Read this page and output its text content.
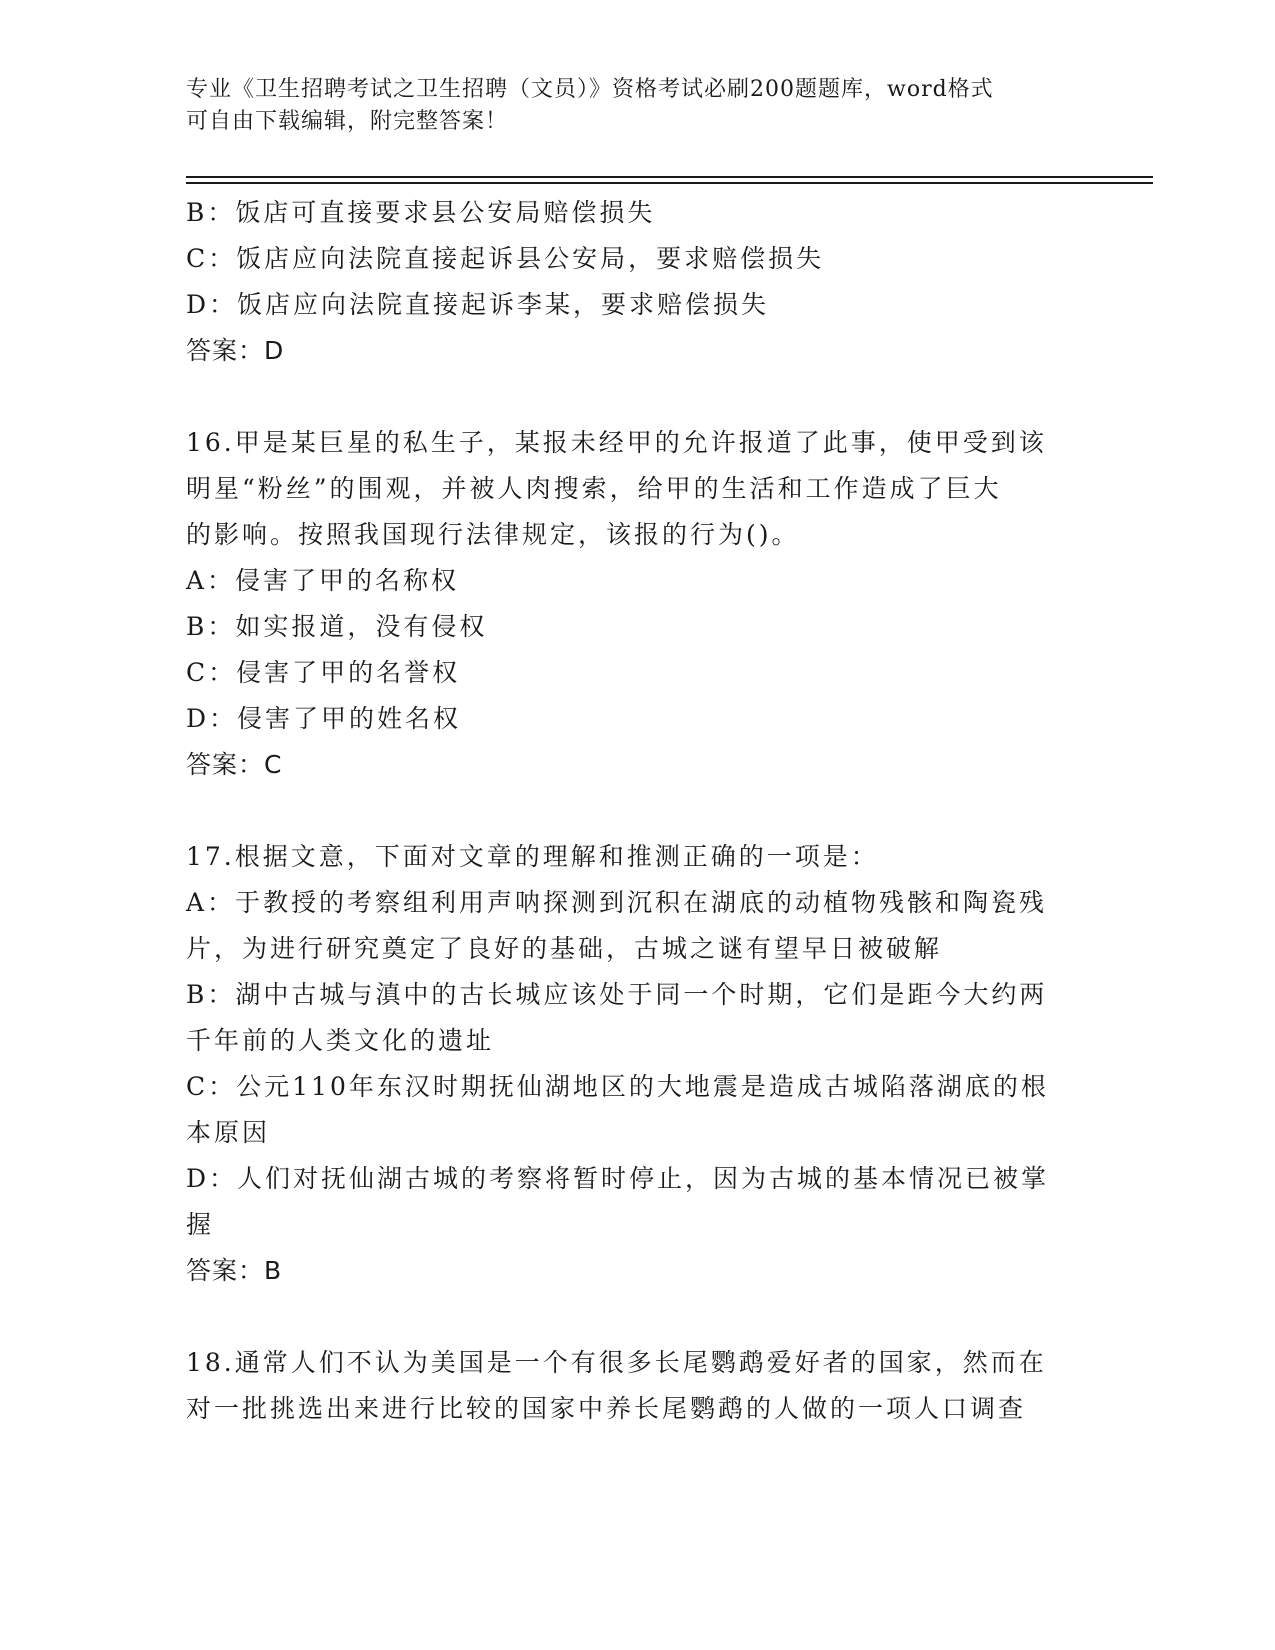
专业《卫生招聘考试之卫生招聘（文员）》资格考试必刷200题题库，word格式
可自由下载编辑，附完整答案！
B：饭店可直接要求县公安局赔偿损失
C：饭店应向法院直接起诉县公安局，要求赔偿损失
D：饭店应向法院直接起诉李某，要求赔偿损失
答案：D
16.甲是某巨星的私生子，某报未经甲的允许报道了此事，使甲受到该
明星“粉丝”的围观，并被人肉搜索，给甲的生活和工作造成了巨大
的影响。按照我国现行法律规定，该报的行为()。
A：侵害了甲的名称权
B：如实报道，没有侵权
C：侵害了甲的名誉权
D：侵害了甲的姓名权
答案：C
17.根据文意，下面对文章的理解和推测正确的一项是：
A：于教授的考察组利用声呐探测到沉积在湖底的动植物残骸和陶瓷残
片，为进行研究奠定了良好的基础，古城之谜有望早日被破解
B：湖中古城与滇中的古长城应该处于同一个时期，它们是距今大约两
千年前的人类文化的遗址
C：公元110年东汉时期抚仙湖地区的大地震是造成古城陷落湖底的根
本原因
D：人们对抚仙湖古城的考察将暂时停止，因为古城的基本情况已被掌
握
答案：B
18.通常人们不认为美国是一个有很多长尾鹦鹉爱好者的国家，然而在
对一批挑选出来进行比较的国家中养长尾鹦鹉的人做的一项人口调查
